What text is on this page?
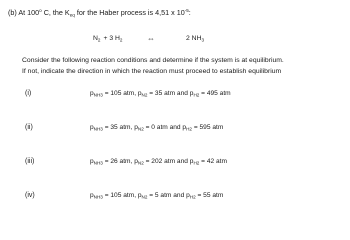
(b) At 100$^o$ C, the $K_{eq}$ for the Haber process is 4,51 x $10^{-5}$:
$N_2 + 3$ $H_2$	⇔	2 $NH_3$
Consider the following reaction conditions and determine if the system is at equilibrium.
If not, indicate the direction in which the reaction must proceed to establish equilibrium
(i)	$p_{NH3} = 105$ atm, $p_{N2} = 35$ atm and $p_{H2} = 495$ atm
(ii)	$p_{NH3} = 35$ atm, $p_{N2} = 0$ atm and $p_{H2} = 595$ atm
(iii)	$p_{NH3} = 26$ atm, $p_{N2} = 202$ atm and $p_{H2} = 42$ atm
(iv)	$p_{NH3} = 105$ atm, $p_{N2} = 5$ atm and $p_{H2} = 55$ atm
